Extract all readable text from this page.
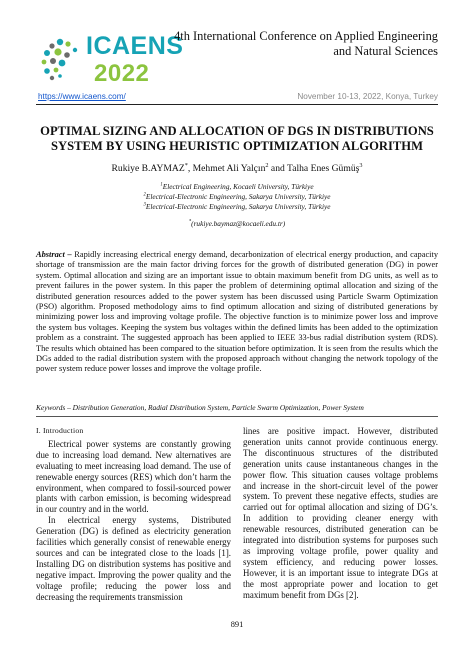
ICAENS
2022
4th International Conference on Applied Engineering and Natural Sciences
https://www.icaens.com/	November 10-13, 2022, Konya, Turkey
OPTIMAL SIZING AND ALLOCATION OF DGS IN DISTRIBUTIONS SYSTEM BY USING HEURISTIC OPTIMIZATION ALGORITHM
Rukiye B.AYMAZ*, Mehmet Ali Yalçın$^2$ and Talha Enes Gümüş$^3$
$^1$Electrical Engineering, Kocaeli University, Türkiye
$^2$Electrical-Electronic Engineering, Sakarya University, Türkiye
$^3$Electrical-Electronic Engineering, Sakarya University, Türkiye
*(rukiye.baymaz@kocaeli.edu.tr)
Abstract – Rapidly increasing electrical energy demand, decarbonization of electrical energy production, and capacity shortage of transmission are the main factor driving forces for the growth of distributed generation (DG) in power system. Optimal allocation and sizing are an important issue to obtain maximum benefit from DG units, as well as to prevent failures in the power system. In this paper the problem of determining optimal allocation and sizing of the distributed generation resources added to the power system has been discussed using Particle Swarm Optimization (PSO) algorithm. Proposed methodology aims to find optimum allocation and sizing of distributed generations by minimizing power loss and improving voltage profile. The objective function is to minimize power loss and improve the system bus voltages. Keeping the system bus voltages within the defined limits has been added to the optimization problem as a constraint. The suggested approach has been applied to IEEE 33-bus radial distribution system (RDS). The results which obtained has been compared to the situation before optimization. It is seen from the results which the DGs added to the radial distribution system with the proposed approach without changing the network topology of the power system reduce power losses and improve the voltage profile.
Keywords – Distribution Generation, Radial Distribution System, Particle Swarm Optimization, Power System
I. Introduction

Electrical power systems are constantly growing due to increasing load demand. New alternatives are evaluating to meet increasing load demand. The use of renewable energy sources (RES) which don’t harm the environment, when compared to fossil-sourced power plants with carbon emission, is becoming widespread in our country and in the world.

In electrical energy systems, Distributed Generation (DG) is defined as electricity generation facilities which generally consist of renewable energy sources and can be integrated close to the loads [1]. Installing DG on distribution systems has positive and negative impact. Improving the power quality and the voltage profile; reducing the power loss and decreasing the requirements transmission

lines are positive impact. However, distributed generation units cannot provide continuous energy. The discontinuous structures of the distributed generation units cause instantaneous changes in the power flow. This situation causes voltage problems and increase in the short-circuit level of the power system. To prevent these negative effects, studies are carried out for optimal allocation and sizing of DG’s. In addition to providing cleaner energy with renewable resources, distributed generation can be integrated into distribution systems for purposes such as improving voltage profile, power quality and system efficiency, and reducing power losses. However, it is an important issue to integrate DGs at the most appropriate power and location to get maximum benefit from DGs [2].

891
